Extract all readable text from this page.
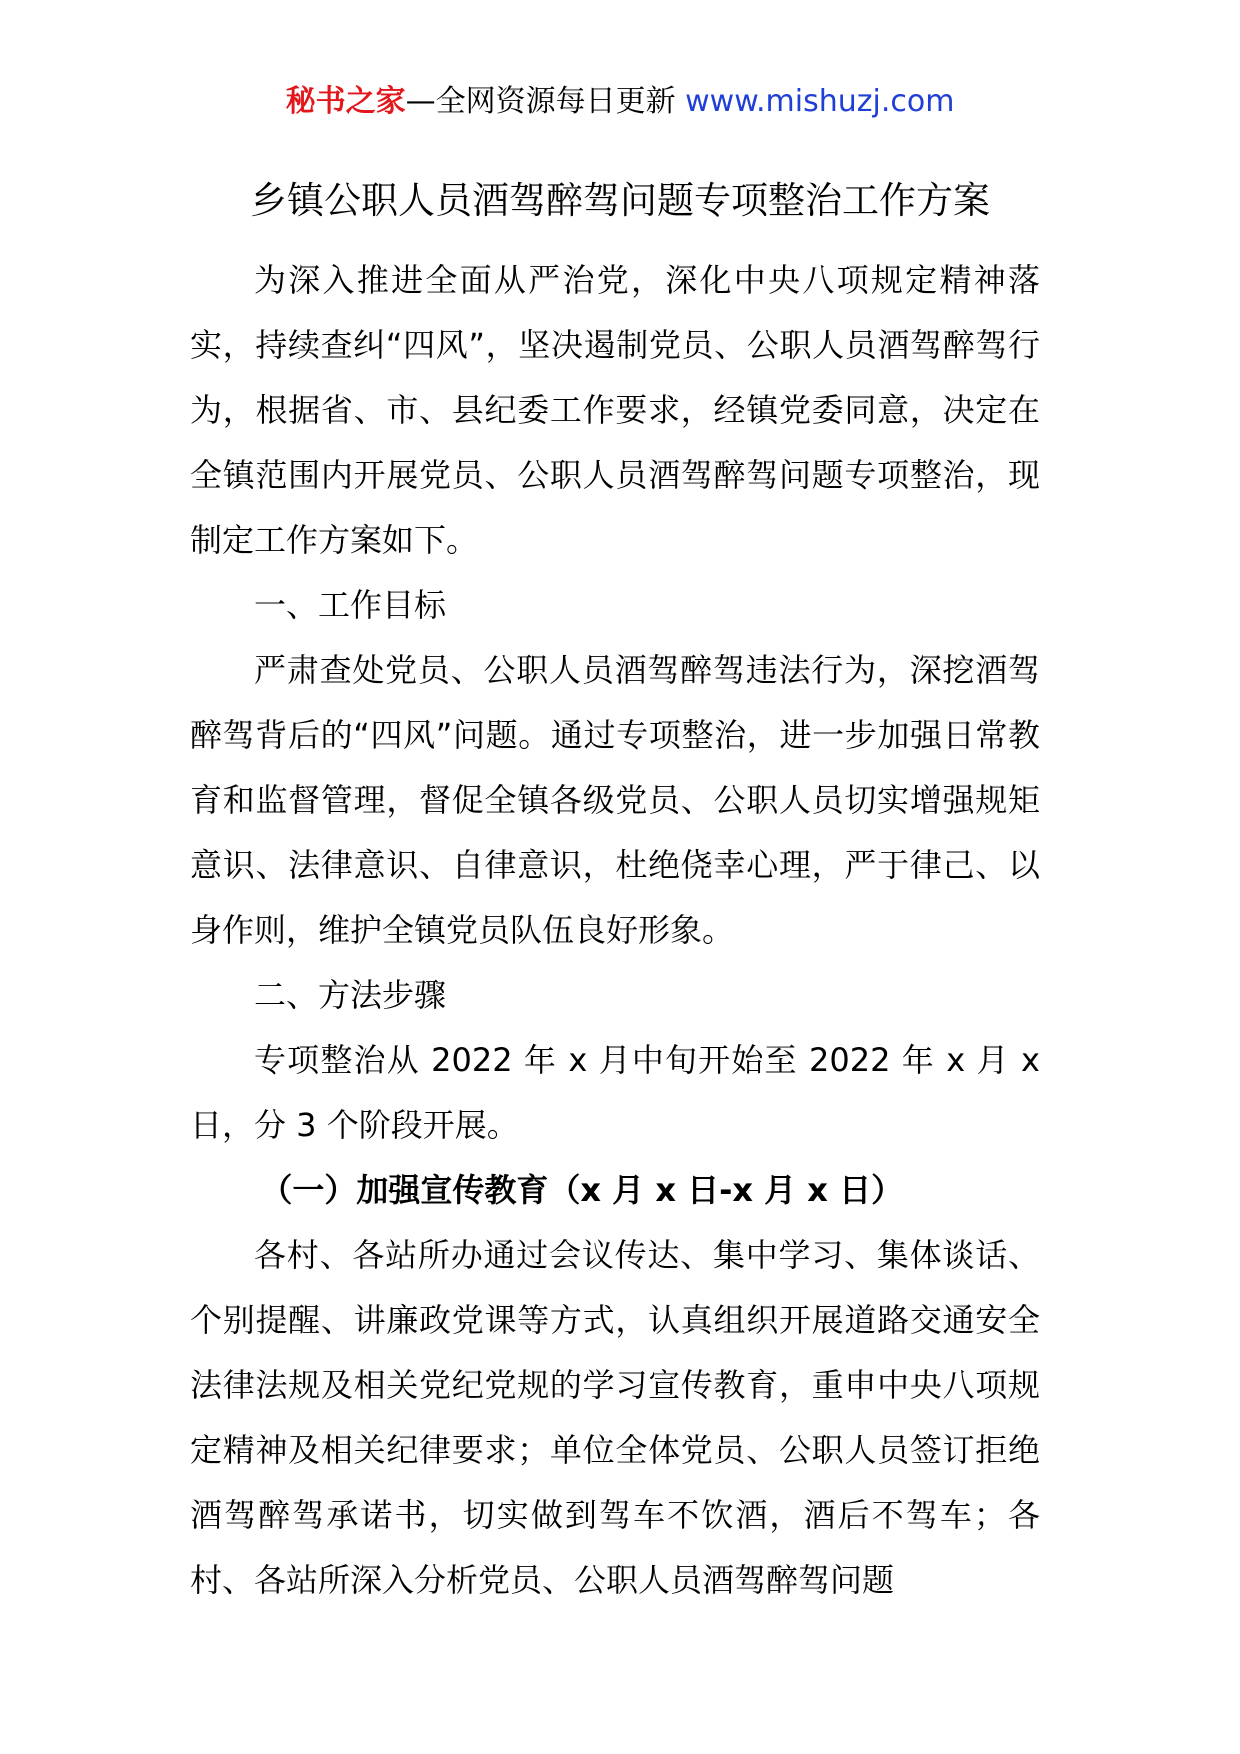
秘书之家—全网资源每日更新 www.mishuzj.com
乡镇公职人员酒驾醉驾问题专项整治工作方案

为深入推进全面从严治党，深化中央八项规定精神落实，持续查纠“四风”，坚决遏制党员、公职人员酒驾醉驾行为，根据省、市、县纪委工作要求，经镇党委同意，决定在全镇范围内开展党员、公职人员酒驾醉驾问题专项整治，现制定工作方案如下。

一、工作目标

严肃查处党员、公职人员酒驾醉驾违法行为，深挖酒驾醉驾背后的“四风”问题。通过专项整治，进一步加强日常教育和监督管理，督促全镇各级党员、公职人员切实增强规矩意识、法律意识、自律意识，杜绝侥幸心理，严于律己、以身作则，维护全镇党员队伍良好形象。

二、方法步骤

专项整治从 2022 年 x 月中旬开始至 2022 年 x 月 x 日，分 3 个阶段开展。

（一）加强宣传教育（x 月 x 日-x 月 x 日）

各村、各站所办通过会议传达、集中学习、集体谈话、个别提醒、讲廉政党课等方式，认真组织开展道路交通安全法律法规及相关党纪党规的学习宣传教育，重申中央八项规定精神及相关纪律要求；单位全体党员、公职人员签订拒绝酒驾醉驾承诺书，切实做到驾车不饮酒，酒后不驾车；各村、各站所深入分析党员、公职人员酒驾醉驾问题
